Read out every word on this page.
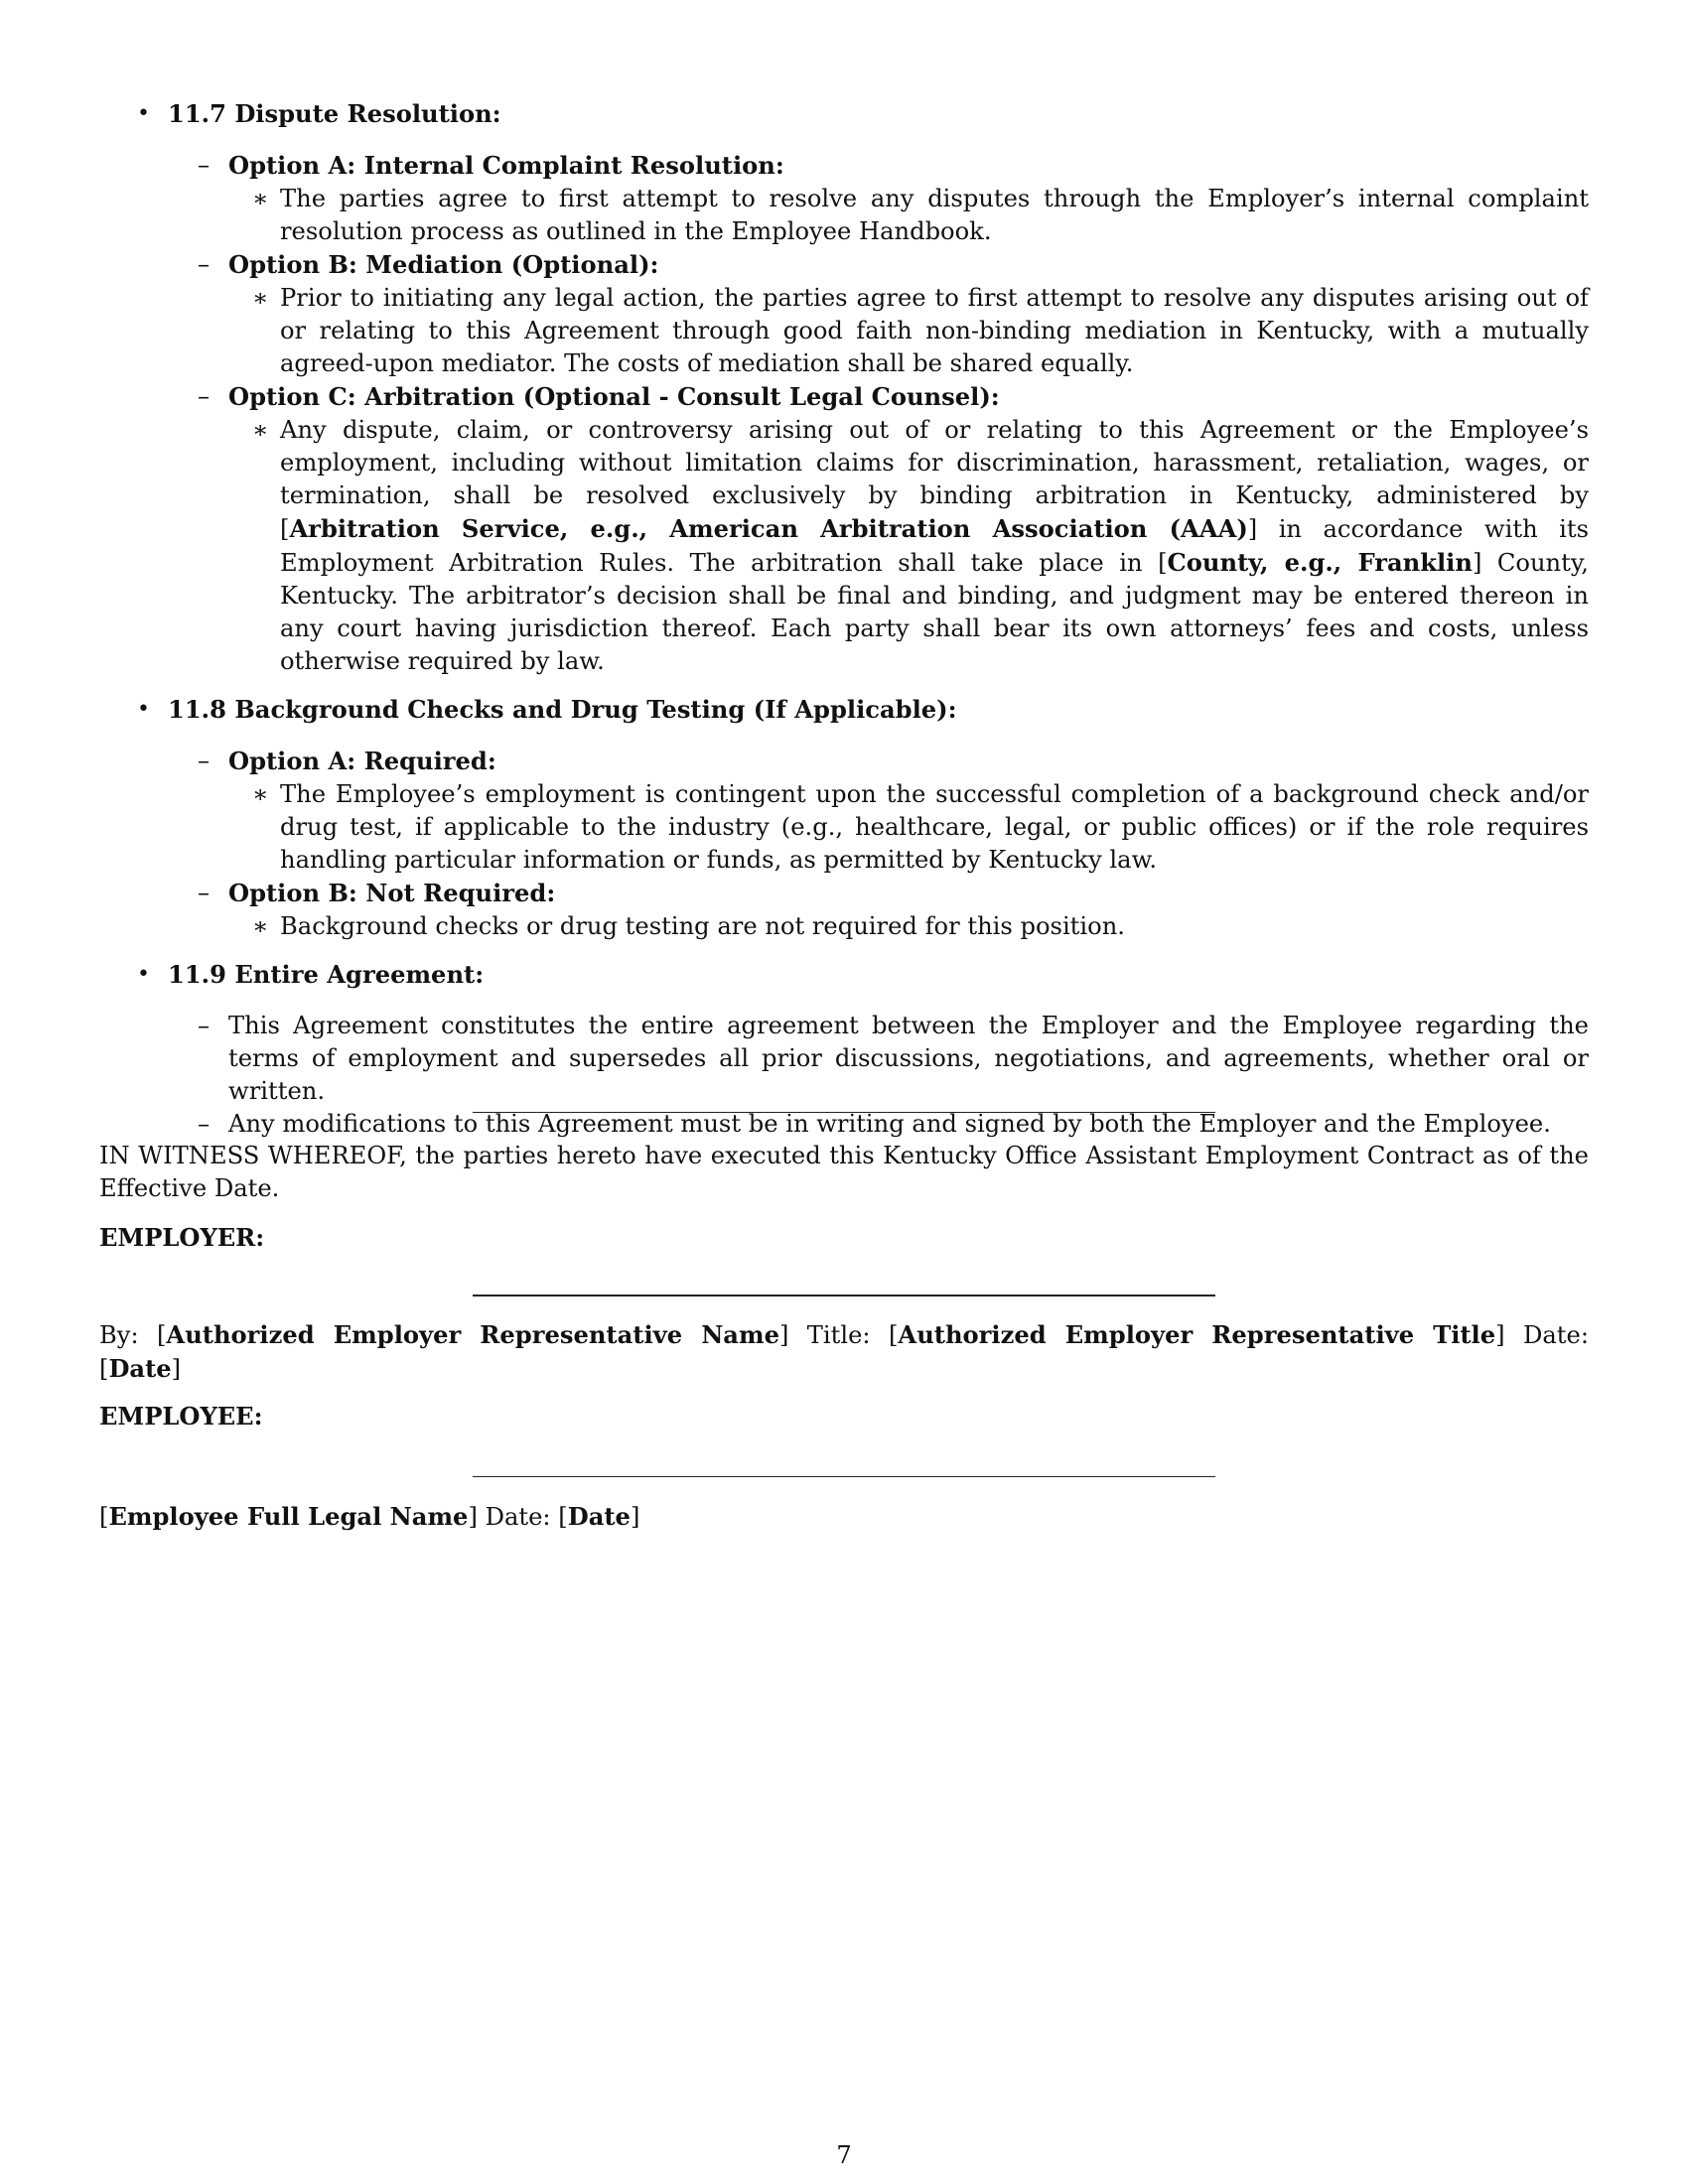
• 11.7 Dispute Resolution:
– Option A: Internal Complaint Resolution:
∗ The parties agree to first attempt to resolve any disputes through the Employer’s internal complaint resolution process as outlined in the Employee Handbook.
– Option B: Mediation (Optional):
∗ Prior to initiating any legal action, the parties agree to first attempt to resolve any disputes arising out of or relating to this Agreement through good faith non-binding mediation in Kentucky, with a mutually agreed-upon mediator. The costs of mediation shall be shared equally.
– Option C: Arbitration (Optional - Consult Legal Counsel):
∗ Any dispute, claim, or controversy arising out of or relating to this Agreement or the Employee’s employment, including without limitation claims for discrimination, harassment, retaliation, wages, or termination, shall be resolved exclusively by binding arbitration in Kentucky, administered by [Arbitration Service, e.g., American Arbitration Association (AAA)] in accordance with its Employment Arbitration Rules. The arbitration shall take place in [County, e.g., Franklin] County, Kentucky. The arbitrator’s decision shall be final and binding, and judgment may be entered thereon in any court having jurisdiction thereof. Each party shall bear its own attorneys’ fees and costs, unless otherwise required by law.
• 11.8 Background Checks and Drug Testing (If Applicable):
– Option A: Required:
∗ The Employee’s employment is contingent upon the successful completion of a background check and/or drug test, if applicable to the industry (e.g., healthcare, legal, or public offices) or if the role requires handling particular information or funds, as permitted by Kentucky law.
– Option B: Not Required:
∗ Background checks or drug testing are not required for this position.
• 11.9 Entire Agreement:
– This Agreement constitutes the entire agreement between the Employer and the Employee regarding the terms of employment and supersedes all prior discussions, negotiations, and agreements, whether oral or written.
– Any modifications to this Agreement must be in writing and signed by both the Employer and the Employee.
IN WITNESS WHEREOF, the parties hereto have executed this Kentucky Office Assistant Employment Contract as of the Effective Date.
EMPLOYER:
By: [Authorized Employer Representative Name] Title: [Authorized Employer Representative Title] Date: [Date]
EMPLOYEE:
[Employee Full Legal Name] Date: [Date]
7
